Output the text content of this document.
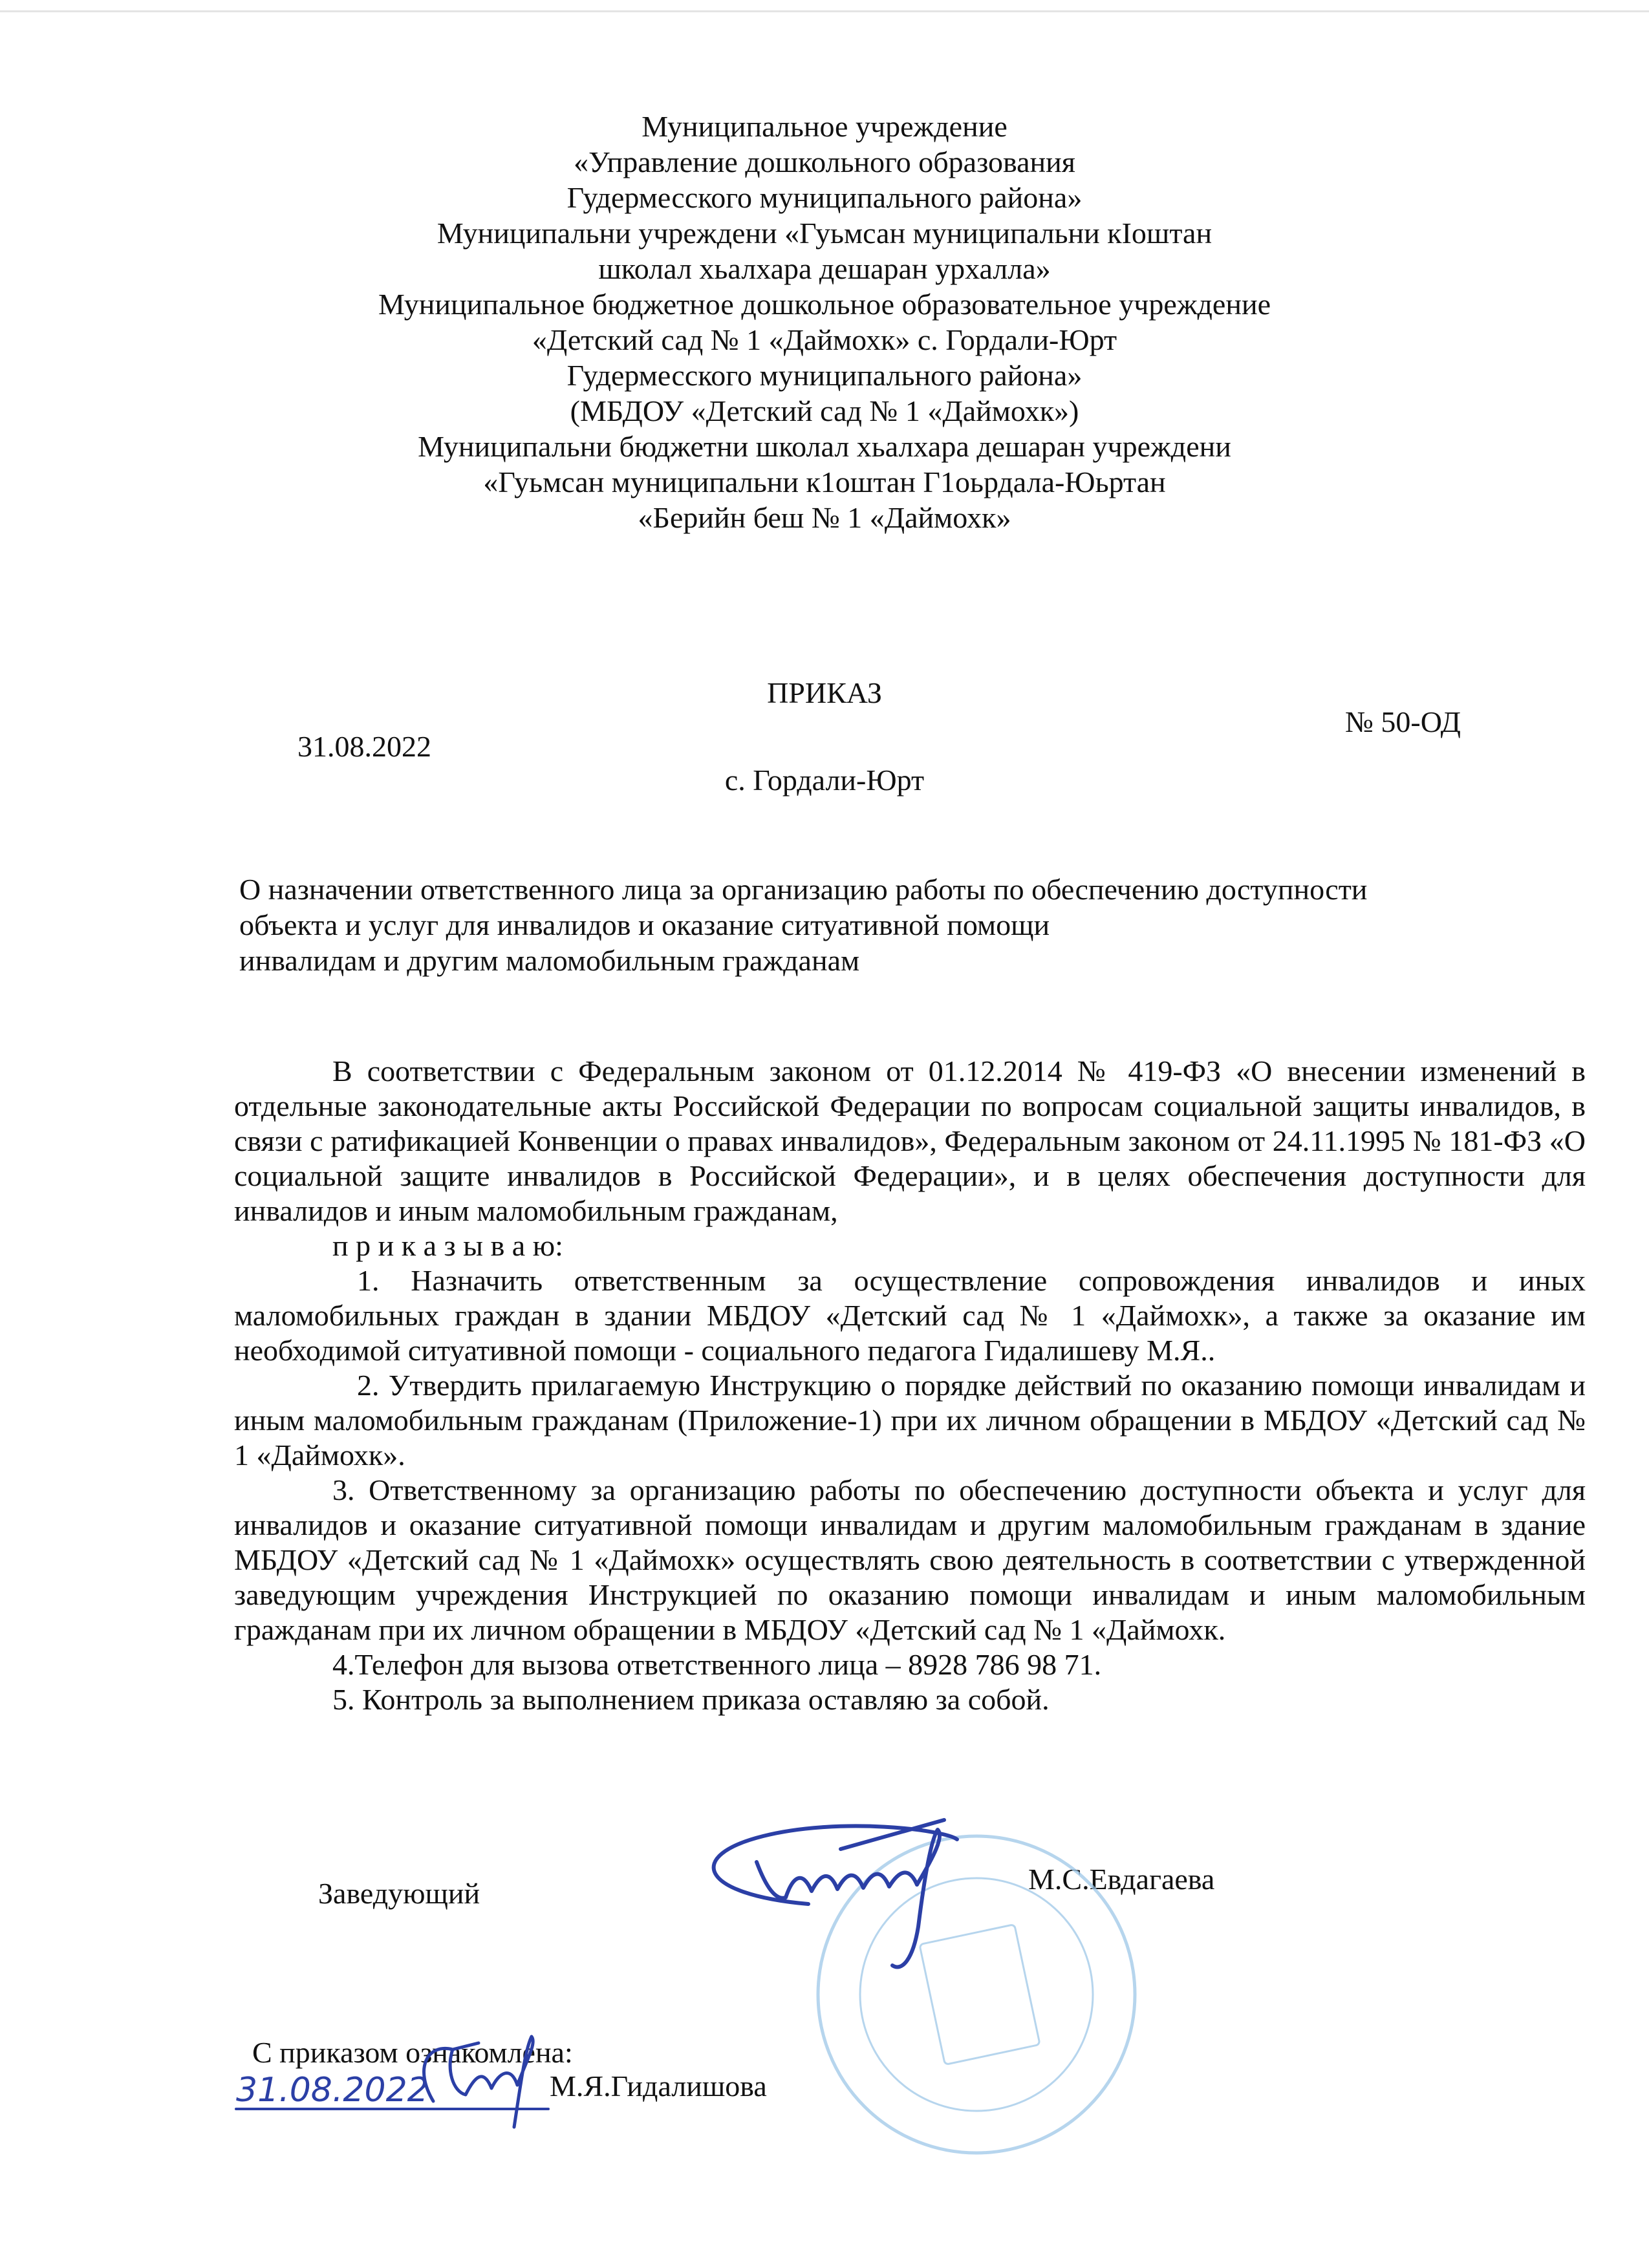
Муниципальное учреждение
«Управление дошкольного образования
Гудермесского муниципального района»
Муниципальни учреждени «Гуьмсан муниципальни кIоштан
школал хьалхара дешаран урхалла»
Муниципальное бюджетное дошкольное образовательное учреждение
«Детский сад № 1 «Даймохк» с. Гордали-Юрт
Гудермесского муниципального района»
(МБДОУ «Детский сад № 1 «Даймохк»)
Муниципальни бюджетни школал хьалхара дешаран учреждени
«Гуьмсан муниципальни к1оштан Г1оьрдала-Юьртан
«Берийн беш № 1 «Даймохк»
ПРИКАЗ
31.08.2022
№ 50-ОД
с. Гордали-Юрт
О назначении ответственного лица за организацию работы по обеспечению доступности
объекта и услуг для инвалидов и оказание ситуативной помощи
инвалидам и другим маломобильным гражданам

В соответствии с Федеральным законом от 01.12.2014 № 419-ФЗ «О внесении изменений в отдельные законодательные акты Российской Федерации по вопросам социальной защиты инвалидов, в связи с ратификацией Конвенции о правах инвалидов», Федеральным законом от 24.11.1995 № 181-ФЗ «О социальной защите инвалидов в Российской Федерации», и в целях обеспечения доступности для инвалидов и иным маломобильным гражданам,

п р и к а з ы в а ю:

1. Назначить ответственным за осуществление сопровождения инвалидов и иных маломобильных граждан в здании МБДОУ «Детский сад № 1 «Даймохк», а также за оказание им необходимой ситуативной помощи - социального педагога Гидалишеву М.Я..

2. Утвердить прилагаемую Инструкцию о порядке действий по оказанию помощи инвалидам и иным маломобильным гражданам (Приложение-1) при их личном обращении в МБДОУ «Детский сад № 1 «Даймохк».

3. Ответственному за организацию работы по обеспечению доступности объекта и услуг для инвалидов и оказание ситуативной помощи инвалидам и другим маломобильным гражданам в здание МБДОУ «Детский сад № 1 «Даймохк» осуществлять свою деятельность в соответствии с утвержденной заведующим учреждения Инструкцией по оказанию помощи инвалидам и иным маломобильным гражданам при их личном обращении в МБДОУ «Детский сад № 1 «Даймохк.

4.Телефон для вызова ответственного лица – 8928 786 98 71.

5. Контроль за выполнением приказа оставляю за собой.

Заведующий	М.С.Евдагаева
С приказом ознакомлена:
М.Я.Гидалишова
31.08.2022
